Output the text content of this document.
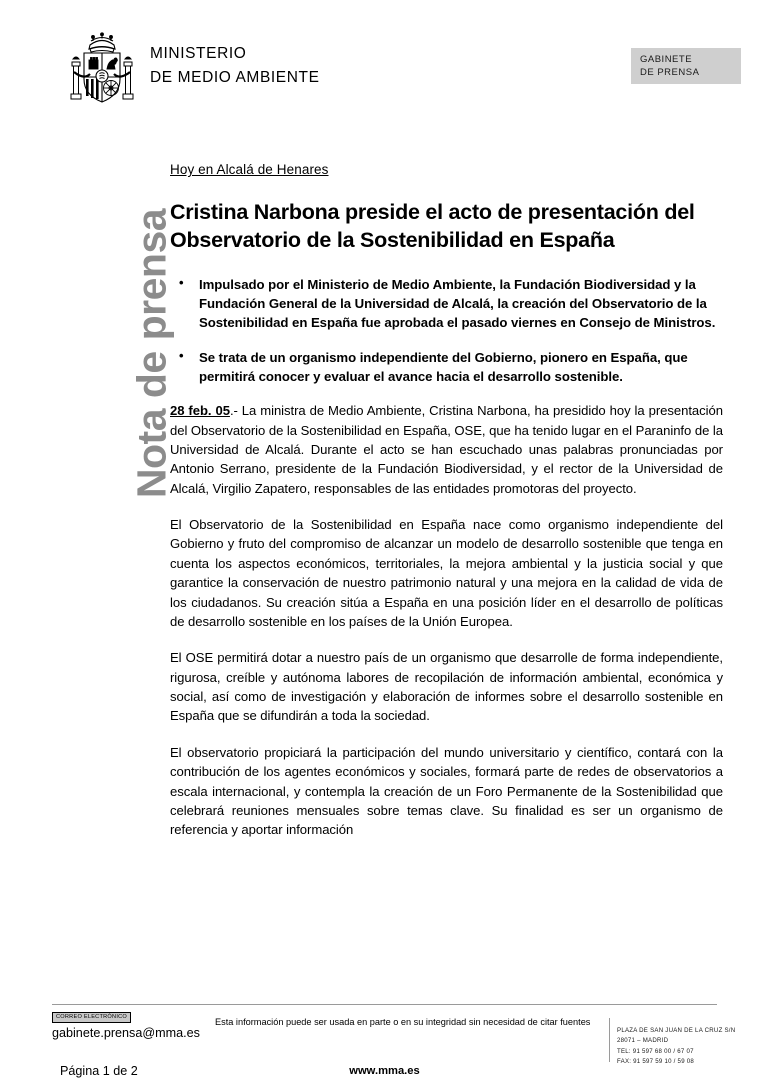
MINISTERIO
DE MEDIO AMBIENTE
GABINETE
DE PRENSA
Nota de prensa
Hoy en Alcalá de Henares
Cristina Narbona preside el acto de presentación del Observatorio de la Sostenibilidad en España
• Impulsado por el Ministerio de Medio Ambiente, la Fundación Biodiversidad y la Fundación General de la Universidad de Alcalá, la creación del Observatorio de la Sostenibilidad en España fue aprobada el pasado viernes en Consejo de Ministros.
• Se trata de un organismo independiente del Gobierno, pionero en España, que permitirá conocer y evaluar el avance hacia el desarrollo sostenible.

28 feb. 05.- La ministra de Medio Ambiente, Cristina Narbona, ha presidido hoy la presentación del Observatorio de la Sostenibilidad en España, OSE, que ha tenido lugar en el Paraninfo de la Universidad de Alcalá. Durante el acto se han escuchado unas palabras pronunciadas por Antonio Serrano, presidente de la Fundación Biodiversidad, y el rector de la Universidad de Alcalá, Virgilio Zapatero, responsables de las entidades promotoras del proyecto.

El Observatorio de la Sostenibilidad en España nace como organismo independiente del Gobierno y fruto del compromiso de alcanzar un modelo de desarrollo sostenible que tenga en cuenta los aspectos económicos, territoriales, la mejora ambiental y la justicia social y que garantice la conservación de nuestro patrimonio natural y una mejora en la calidad de vida de los ciudadanos. Su creación sitúa a España en una posición líder en el desarrollo de políticas de desarrollo sostenible en los países de la Unión Europea.

El OSE permitirá dotar a nuestro país de un organismo que desarrolle de forma independiente, rigurosa, creíble y autónoma labores de recopilación de información ambiental, económica y social, así como de investigación y elaboración de informes sobre el desarrollo sostenible en España que se difundirán a toda la sociedad.

El observatorio propiciará la participación del mundo universitario y científico, contará con la contribución de los agentes económicos y sociales, formará parte de redes de observatorios a escala internacional, y contempla la creación de un Foro Permanente de la Sostenibilidad que celebrará reuniones mensuales sobre temas clave. Su finalidad es ser un organismo de referencia y aportar información

CORREO ELECTRÓNICO
gabinete.prensa@mma.es
Página 1 de 2
Esta información puede ser usada en parte o en su integridad sin necesidad de citar fuentes
www.mma.es
PLAZA DE SAN JUAN DE LA CRUZ S/N
28071 – MADRID
TEL: 91 597 68 00 / 67 07
FAX: 91 597 59 10 / 59 08
